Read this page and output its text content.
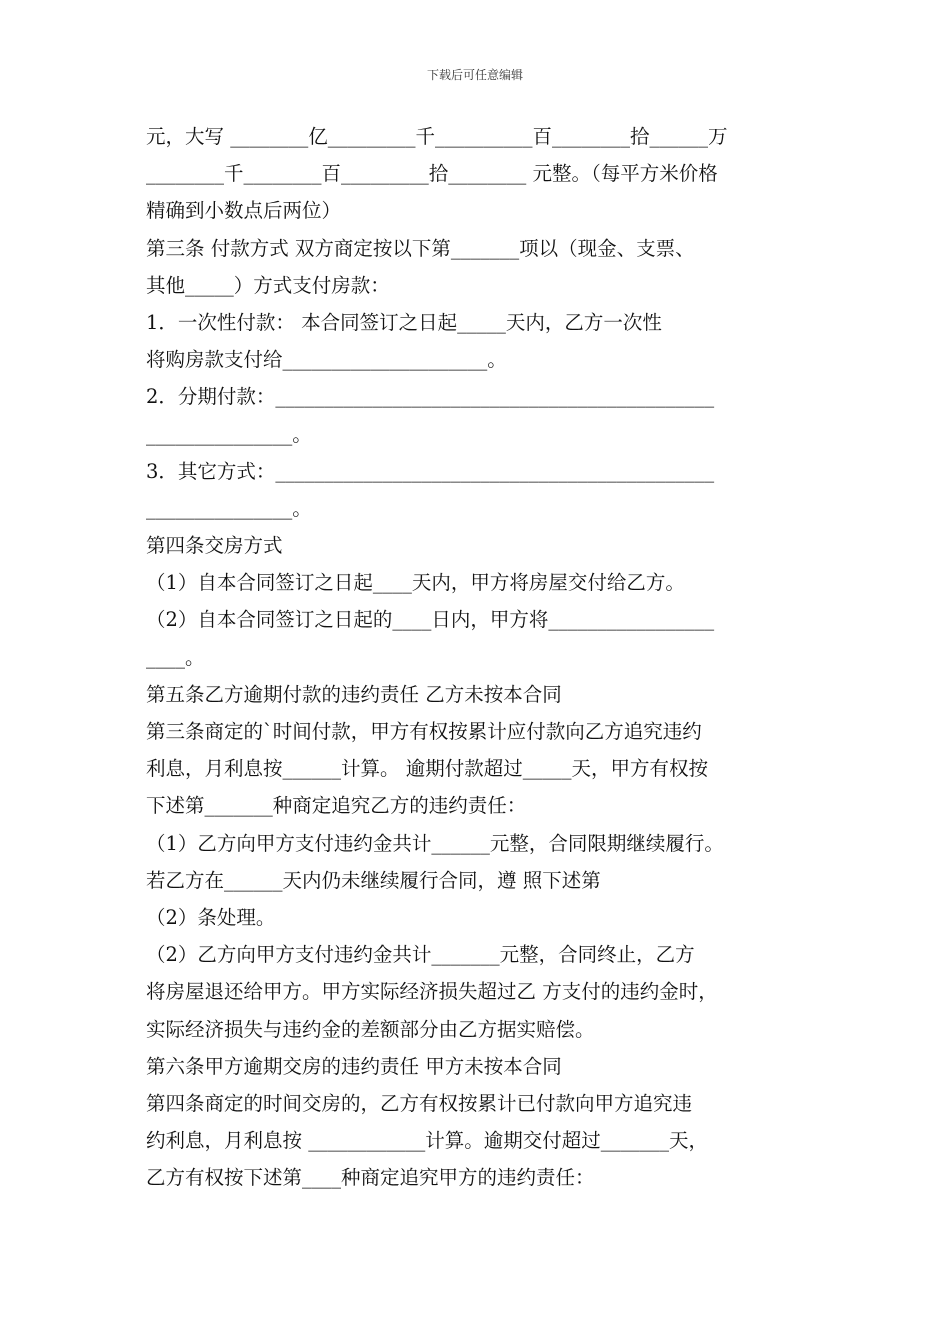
下载后可任意编辑
元，大写 ________亿_________千__________百________拾______万
________千________百_________拾________ 元整。（每平方米价格
精确到小数点后两位）
第三条 付款方式 双方商定按以下第_______项以（现金、支票、
其他_____）方式支付房款：
1．一次性付款： 本合同签订之日起_____天内，乙方一次性
将购房款支付给_____________________。
2．分期付款：_____________________________________________
_______________。
3．其它方式：_____________________________________________
_______________。
第四条交房方式
（1）自本合同签订之日起____天内，甲方将房屋交付给乙方。
（2）自本合同签订之日起的____日内，甲方将_________________
____。
第五条乙方逾期付款的违约责任 乙方未按本合同
第三条商定的`时间付款，甲方有权按累计应付款向乙方追究违约
利息，月利息按______计算。 逾期付款超过_____天，甲方有权按
下述第_______种商定追究乙方的违约责任：
（1）乙方向甲方支付违约金共计______元整，合同限期继续履行。
若乙方在______天内仍未继续履行合同，遵 照下述第
（2）条处理。
（2）乙方向甲方支付违约金共计_______元整，合同终止，乙方
将房屋退还给甲方。甲方实际经济损失超过乙 方支付的违约金时，
实际经济损失与违约金的差额部分由乙方据实赔偿。
第六条甲方逾期交房的违约责任 甲方未按本合同
第四条商定的时间交房的，乙方有权按累计已付款向甲方追究违
约利息，月利息按 ____________计算。逾期交付超过_______天，
乙方有权按下述第____种商定追究甲方的违约责任：
